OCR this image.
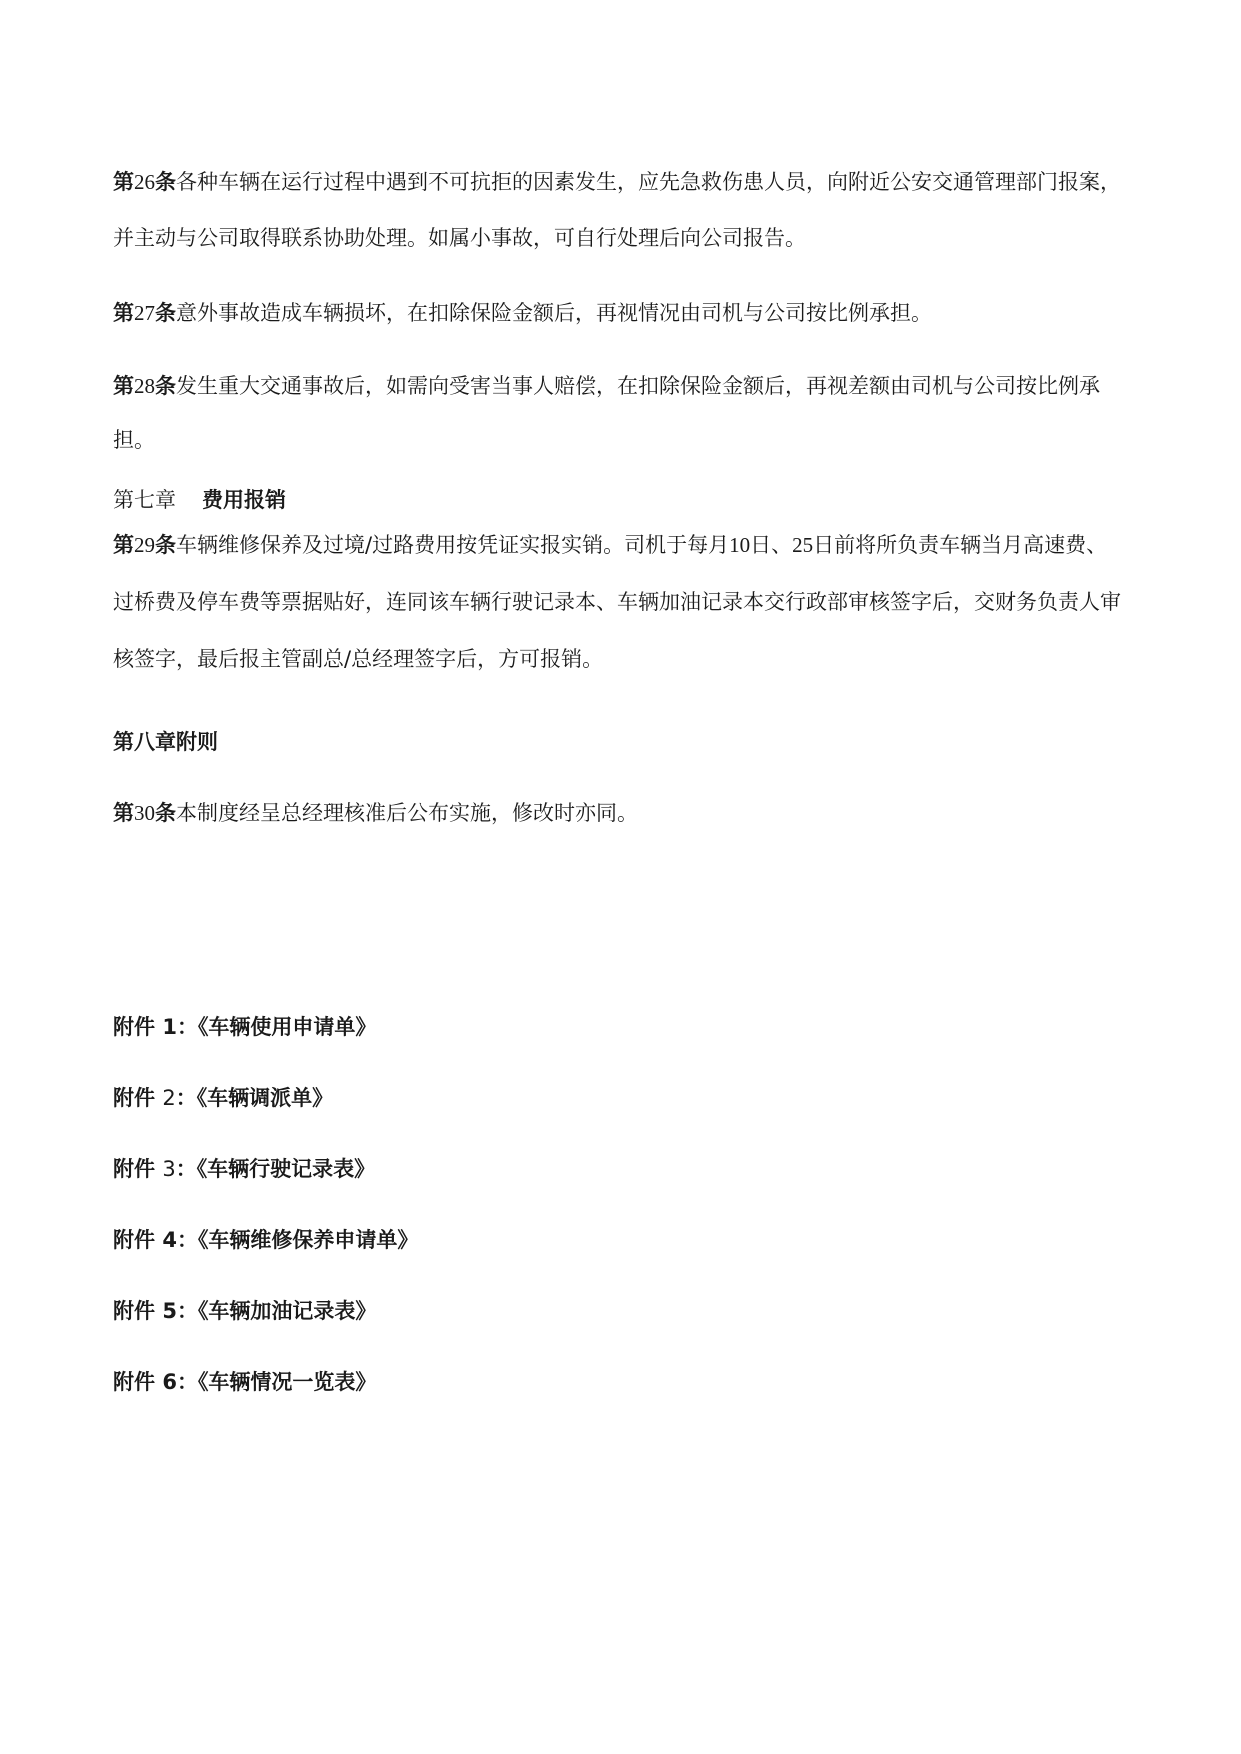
第26条各种车辆在运行过程中遇到不可抗拒的因素发生，应先急救伤患人员，向附近公安交通管理部门报案，并主动与公司取得联系协助处理。如属小事故，可自行处理后向公司报告。
第27条意外事故造成车辆损坏，在扣除保险金额后，再视情况由司机与公司按比例承担。
第28条发生重大交通事故后，如需向受害当事人赔偿，在扣除保险金额后，再视差额由司机与公司按比例承担。
第七章 费用报销
第29条车辆维修保养及过境/过路费用按凭证实报实销。司机于每月10日、25日前将所负责车辆当月高速费、过桥费及停车费等票据贴好，连同该车辆行驶记录本、车辆加油记录本交行政部审核签字后，交财务负责人审核签字，最后报主管副总/总经理签字后，方可报销。
第八章附则
第30条本制度经呈总经理核准后公布实施，修改时亦同。
附件 1：《车辆使用申请单》
附件 2：《车辆调派单》
附件 3：《车辆行驶记录表》
附件 4：《车辆维修保养申请单》
附件 5：《车辆加油记录表》
附件 6：《车辆情况一览表》
